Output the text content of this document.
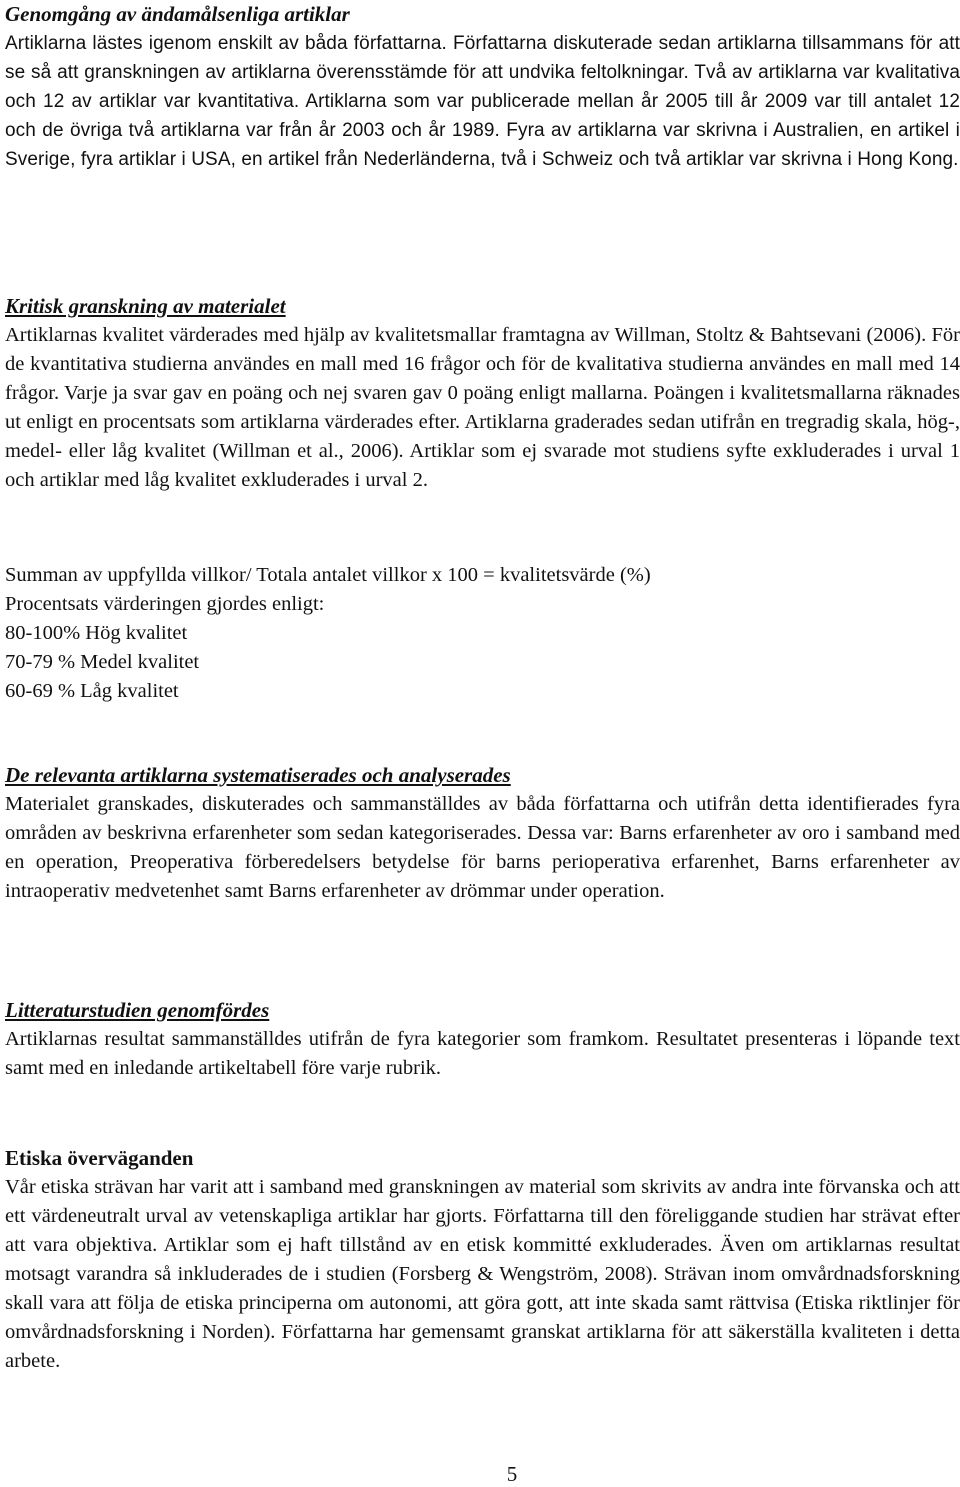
Genomgång av ändamålsenliga artiklar

Artiklarna lästes igenom enskilt av båda författarna. Författarna diskuterade sedan artiklarna tillsammans för att se så att granskningen av artiklarna överensstämde för att undvika feltolkningar. Två av artiklarna var kvalitativa och 12 av artiklar var kvantitativa. Artiklarna som var publicerade mellan år 2005 till år 2009 var till antalet 12 och de övriga två artiklarna var från år 2003 och år 1989. Fyra av artiklarna var skrivna i Australien, en artikel i Sverige, fyra artiklar i USA, en artikel från Nederländerna, två i Schweiz och två artiklar var skrivna i Hong Kong.

Kritisk granskning av materialet

Artiklarnas kvalitet värderades med hjälp av kvalitetsmallar framtagna av Willman, Stoltz & Bahtsevani (2006). För de kvantitativa studierna användes en mall med 16 frågor och för de kvalitativa studierna användes en mall med 14 frågor. Varje ja svar gav en poäng och nej svaren gav 0 poäng enligt mallarna. Poängen i kvalitetsmallarna räknades ut enligt en procentsats som artiklarna värderades efter. Artiklarna graderades sedan utifrån en tregradig skala, hög-, medel- eller låg kvalitet (Willman et al., 2006). Artiklar som ej svarade mot studiens syfte exkluderades i urval 1 och artiklar med låg kvalitet exkluderades i urval 2.

Summan av uppfyllda villkor/ Totala antalet villkor x 100 = kvalitetsvärde (%)

Procentsats värderingen gjordes enligt:

80-100% Hög kvalitet

70-79 % Medel kvalitet

60-69 % Låg kvalitet

De relevanta artiklarna systematiserades och analyserades

Materialet granskades, diskuterades och sammanställdes av båda författarna och utifrån detta identifierades fyra områden av beskrivna erfarenheter som sedan kategoriserades. Dessa var: Barns erfarenheter av oro i samband med en operation, Preoperativa förberedelsers betydelse för barns perioperativa erfarenhet, Barns erfarenheter av intraoperativ medvetenhet samt Barns erfarenheter av drömmar under operation.

Litteraturstudien genomfördes

Artiklarnas resultat sammanställdes utifrån de fyra kategorier som framkom. Resultatet presenteras i löpande text samt med en inledande artikeltabell före varje rubrik.

Etiska överväganden

Vår etiska strävan har varit att i samband med granskningen av material som skrivits av andra inte förvanska och att ett värdeneutralt urval av vetenskapliga artiklar har gjorts. Författarna till den föreliggande studien har strävat efter att vara objektiva. Artiklar som ej haft tillstånd av en etisk kommitté exkluderades. Även om artiklarnas resultat motsagt varandra så inkluderades de i studien (Forsberg & Wengström, 2008). Strävan inom omvårdnadsforskning skall vara att följa de etiska principerna om autonomi, att göra gott, att inte skada samt rättvisa (Etiska riktlinjer för omvårdnadsforskning i Norden). Författarna har gemensamt granskat artiklarna för att säkerställa kvaliteten i detta arbete.

5
